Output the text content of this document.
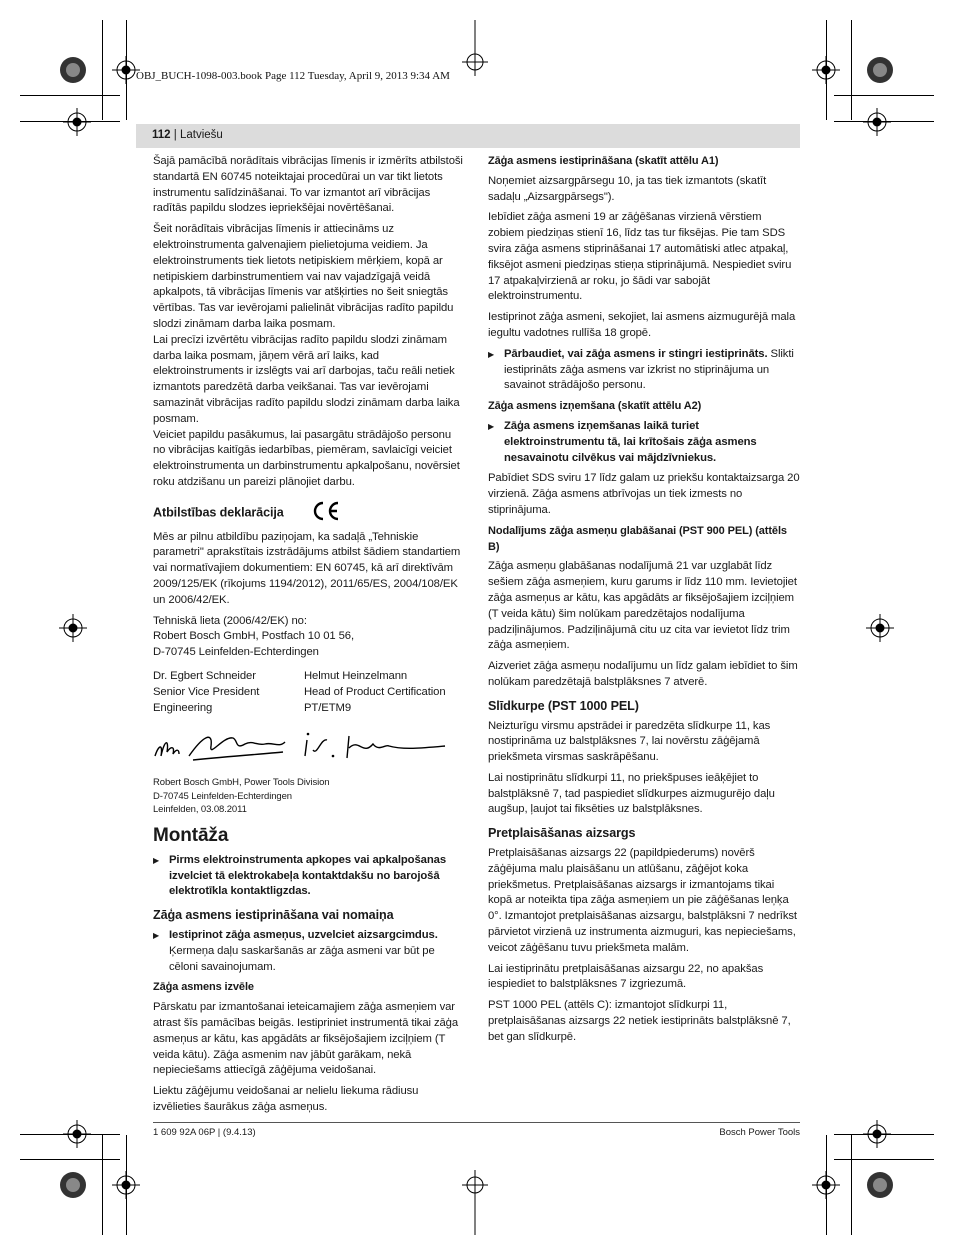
OBJ_BUCH-1098-003.book Page 112 Tuesday, April 9, 2013 9:34 AM
112 | Latviešu

Šajā pamācībā norādītais vibrācijas līmenis ir izmērīts atbilstoši standartā EN 60745 noteiktajai procedūrai un var tikt lietots instrumentu salīdzināšanai. To var izmantot arī vibrācijas radītās papildu slodzes iepriekšējai novērtēšanai.

Šeit norādītais vibrācijas līmenis ir attiecināms uz elektroinstrumenta galvenajiem pielietojuma veidiem. Ja elektroinstruments tiek lietots netipiskiem mērķiem, kopā ar netipiskiem darbinstrumentiem vai nav vajadzīgajā veidā apkalpots, tā vibrācijas līmenis var atšķirties no šeit sniegtās vērtības. Tas var ievērojami palielināt vibrācijas radīto papildu slodzi zināmam darba laika posmam.

Lai precīzi izvērtētu vibrācijas radīto papildu slodzi zināmam darba laika posmam, jāņem vērā arī laiks, kad elektroinstruments ir izslēgts vai arī darbojas, taču reāli netiek izmantots paredzētā darba veikšanai. Tas var ievērojami samazināt vibrācijas radīto papildu slodzi zināmam darba laika posmam.

Veiciet papildu pasākumus, lai pasargātu strādājošo personu no vibrācijas kaitīgās iedarbības, piemēram, savlaicīgi veiciet elektroinstrumenta un darbinstrumentu apkalpošanu, novērsiet roku atdzišanu un pareizi plānojiet darbu.

Atbilstības deklarācija

Mēs ar pilnu atbildību paziņojam, ka sadaļā „Tehniskie parametri" aprakstītais izstrādājums atbilst šādiem standartiem vai normatīvajiem dokumentiem: EN 60745, kā arī direktīvām 2009/125/EK (rīkojums 1194/2012), 2011/65/ES, 2004/108/EK un 2006/42/EK.

Tehniskā lieta (2006/42/EK) no:
Robert Bosch GmbH, Postfach 10 01 56,
D-70745 Leinfelden-Echterdingen

Dr. Egbert Schneider	Helmut Heinzelmann
Senior Vice President	Head of Product Certification
Engineering	PT/ETM9
ppa.	i.V.

Robert Bosch GmbH, Power Tools Division
D-70745 Leinfelden-Echterdingen
Leinfelden, 03.08.2011

Montāža
▶ Pirms elektroinstrumenta apkopes vai apkalpošanas izvelciet tā elektrokabeļa kontaktdakšu no barojošā elektrotīkla kontaktligzdas.
Zāģa asmens iestiprināšana vai nomaiņa
▶ Iestiprinot zāģa asmeņus, uzvelciet aizsargcimdus.
Ķermeņa daļu saskaršanās ar zāģa asmeni var būt pe cēloni savainojumam.
Zāģa asmens izvēle

Pārskatu par izmantošanai ieteicamajiem zāģa asmeņiem var atrast šīs pamācības beigās. Iestipriniet instrumentā tikai zāģa asmeņus ar kātu, kas apgādāts ar fiksējošajiem izciļņiem (T veida kātu). Zāģa asmenim nav jābūt garākam, nekā nepieciešams attiecīgā zāģējuma veidošanai.

Liektu zāģējumu veidošanai ar nelielu liekuma rādiusu izvēlieties šaurākus zāģa asmeņus.

Zāģa asmens iestiprināšana (skatīt attēlu A1)

Noņemiet aizsargpārsegu 10, ja tas tiek izmantots (skatīt sadaļu „Aizsargpārsegs").

Iebīdiet zāģa asmeni 19 ar zāģēšanas virzienā vērstiem zobiem piedziņas stienī 16, līdz tas tur fiksējas. Pie tam SDS svira zāģa asmens stiprināšanai 17 automātiski atlec atpakaļ, fiksējot asmeni piedziņas stieņa stiprinājumā. Nespiediet sviru 17 atpakaļvirzienā ar roku, jo šādi var sabojāt elektroinstrumentu.

Iestiprinot zāģa asmeni, sekojiet, lai asmens aizmugurējā mala iegultu vadotnes rullīša 18 gropē.

▶ Pārbaudiet, vai zāģa asmens ir stingri iestiprināts. Slikti iestiprināts zāģa asmens var izkrist no stiprinājuma un savainot strādājošo personu.
Zāģa asmens izņemšana (skatīt attēlu A2)
▶ Zāģa asmens izņemšanas laikā turiet elektroinstrumentu tā, lai krītošais zāģa asmens nesavainotu cilvēkus vai mājdzīvniekus.

Pabīdiet SDS sviru 17 līdz galam uz priekšu kontaktaizsarga 20 virzienā. Zāģa asmens atbrīvojas un tiek izmests no stiprinājuma.

Nodalījums zāģa asmeņu glabāšanai (PST 900 PEL) (attēls B)

Zāģa asmeņu glabāšanas nodalījumā 21 var uzglabāt līdz sešiem zāģa asmeņiem, kuru garums ir līdz 110 mm. Ievietojiet zāģa asmeņus ar kātu, kas apgādāts ar fiksējošajiem izciļņiem (T veida kātu) šim nolūkam paredzētajos nodalījuma padziļinājumos. Padziļinājumā citu uz cita var ievietot līdz trim zāģa asmeņiem.

Aizveriet zāģa asmeņu nodalījumu un līdz galam iebīdiet to šim nolūkam paredzētajā balstplāksnes 7 atverē.

Slīdkurpe (PST 1000 PEL)

Neizturīgu virsmu apstrādei ir paredzēta slīdkurpe 11, kas nostiprināma uz balstplāksnes 7, lai novērstu zāģējamā priekšmeta virsmas saskrāpēšanu.

Lai nostiprinātu slīdkurpi 11, no priekšpuses ieāķējiet to balstplāksnē 7, tad paspiediet slīdkurpes aizmugurējo daļu augšup, ļaujot tai fiksēties uz balstplāksnes.

Pretplaisāšanas aizsargs

Pretplaisāšanas aizsargs 22 (papildpiederums) novērš zāģējuma malu plaisāšanu un atlūšanu, zāģējot koka priekšmetus. Pretplaisāšanas aizsargs ir izmantojams tikai kopā ar noteikta tipa zāģa asmeņiem un pie zāģēšanas leņķa 0°. Izmantojot pretplaisāšanas aizsargu, balstplāksni 7 nedrīkst pārvietot virzienā uz instrumenta aizmuguri, kas nepieciešams, veicot zāģēšanu tuvu priekšmeta malām.

Lai iestiprinātu pretplaisāšanas aizsargu 22, no apakšas iespiediet to balstplāksnes 7 izgriezumā.

PST 1000 PEL (attēls C): izmantojot slīdkurpi 11, pretplaisāšanas aizsargs 22 netiek iestiprināts balstplāksnē 7, bet gan slīdkurpē.

1 609 92A 06P | (9.4.13)	Bosch Power Tools
